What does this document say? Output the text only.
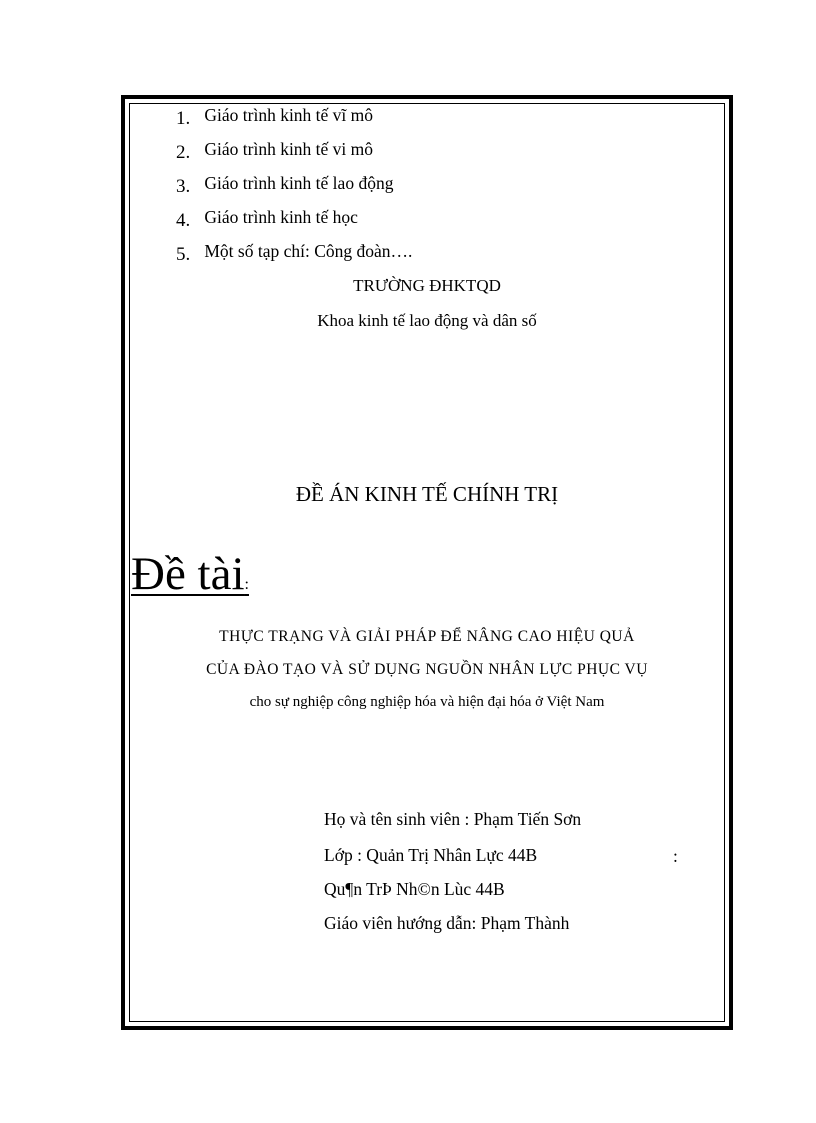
1. Giáo trình kinh tế vĩ mô
2. Giáo trình kinh tế vi mô
3. Giáo trình kinh tế lao động
4. Giáo trình kinh tế học
5. Một số tạp chí: Công đoàn….
TRƯỜNG ĐHKTQD
Khoa kinh tế lao động và dân số
ĐỀ ÁN KINH TẾ CHÍNH TRỊ
Đề tài:
THỰC TRẠNG VÀ GIẢI PHÁP ĐỂ NÂNG CAO HIỆU QUẢ
CỦA ĐÀO TẠO VÀ SỬ DỤNG NGUỒN NHÂN LỰC PHỤC VỤ
cho sự nghiệp công nghiệp hóa và hiện đại hóa ở Việt Nam
Họ và tên sinh viên : Phạm Tiến Sơn
Lớp : Quản Trị Nhân Lực 44B	:
Qu¶n TrÞ Nh©n Lùc 44B
Giáo viên hướng dẫn: Phạm Thành
